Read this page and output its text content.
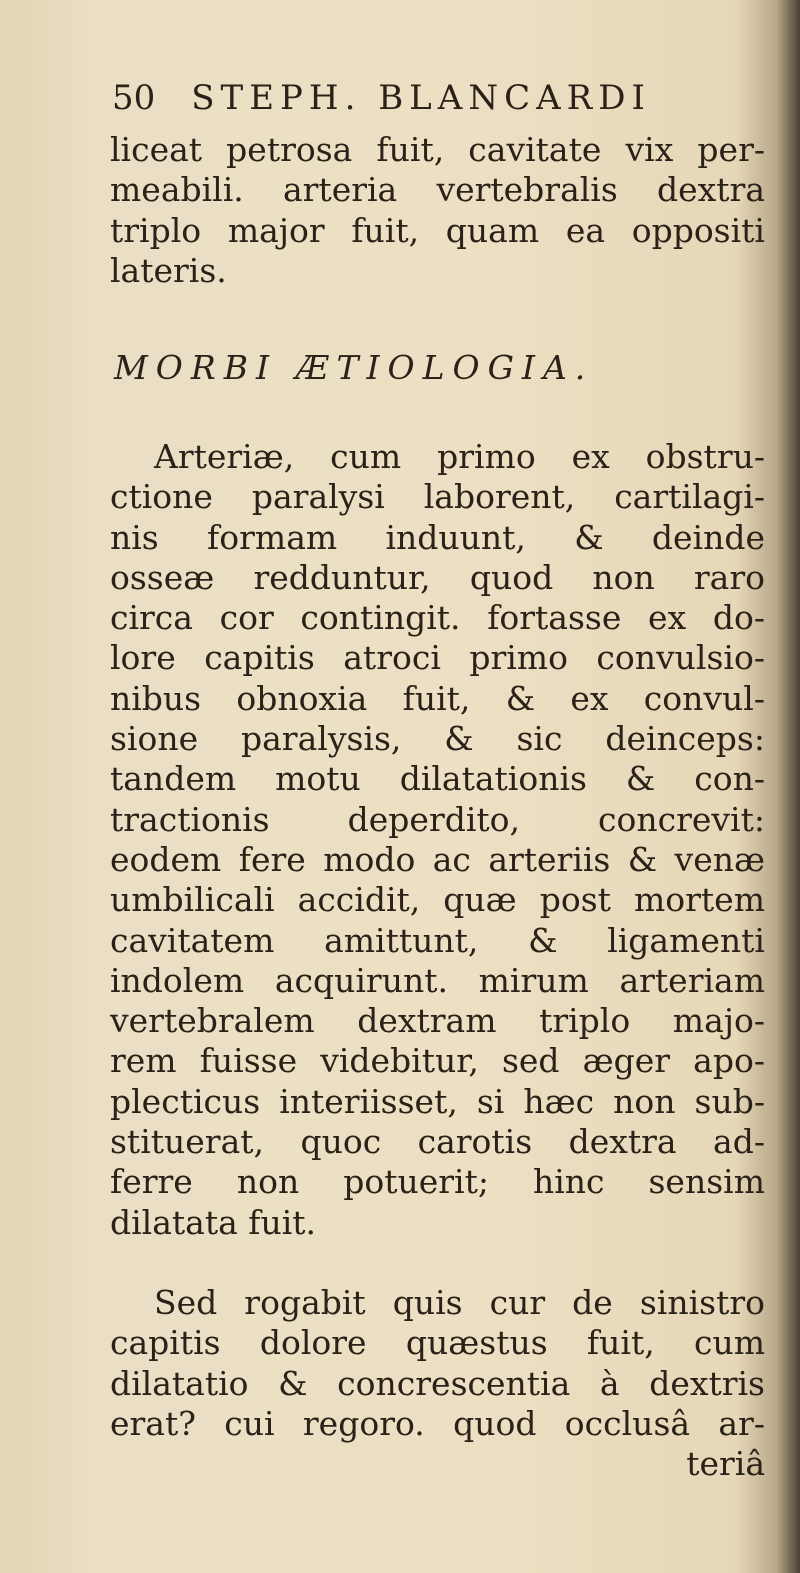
50 STEPH. BLANCARDI
liceat petrosa fuit, cavitate vix per-
meabili. arteria vertebralis dextra
triplo major fuit, quam ea oppositi
lateris.
MORBI ÆTIOLOGIA.
Arteriæ, cum primo ex obstru-
ctione paralysi laborent, cartilagi-
nis formam induunt, & deinde
osseæ redduntur, quod non raro
circa cor contingit. fortasse ex do-
lore capitis atroci primo convulsio-
nibus obnoxia fuit, & ex convul-
sione paralysis, & sic deinceps:
tandem motu dilatationis & con-
tractionis deperdito, concrevit:
eodem fere modo ac arteriis & venæ
umbilicali accidit, quæ post mortem
cavitatem amittunt, & ligamenti
indolem acquirunt. mirum arteriam
vertebralem dextram triplo majo-
rem fuisse videbitur, sed æger apo-
plecticus interiisset, si hæc non sub-
stituerat, quoc carotis dextra ad-
ferre non potuerit; hinc sensim
dilatata fuit.
Sed rogabit quis cur de sinistro
capitis dolore quæstus fuit, cum
dilatatio & concrescentia à dextris
erat? cui regoro. quod occlusâ ar-
teriâ
